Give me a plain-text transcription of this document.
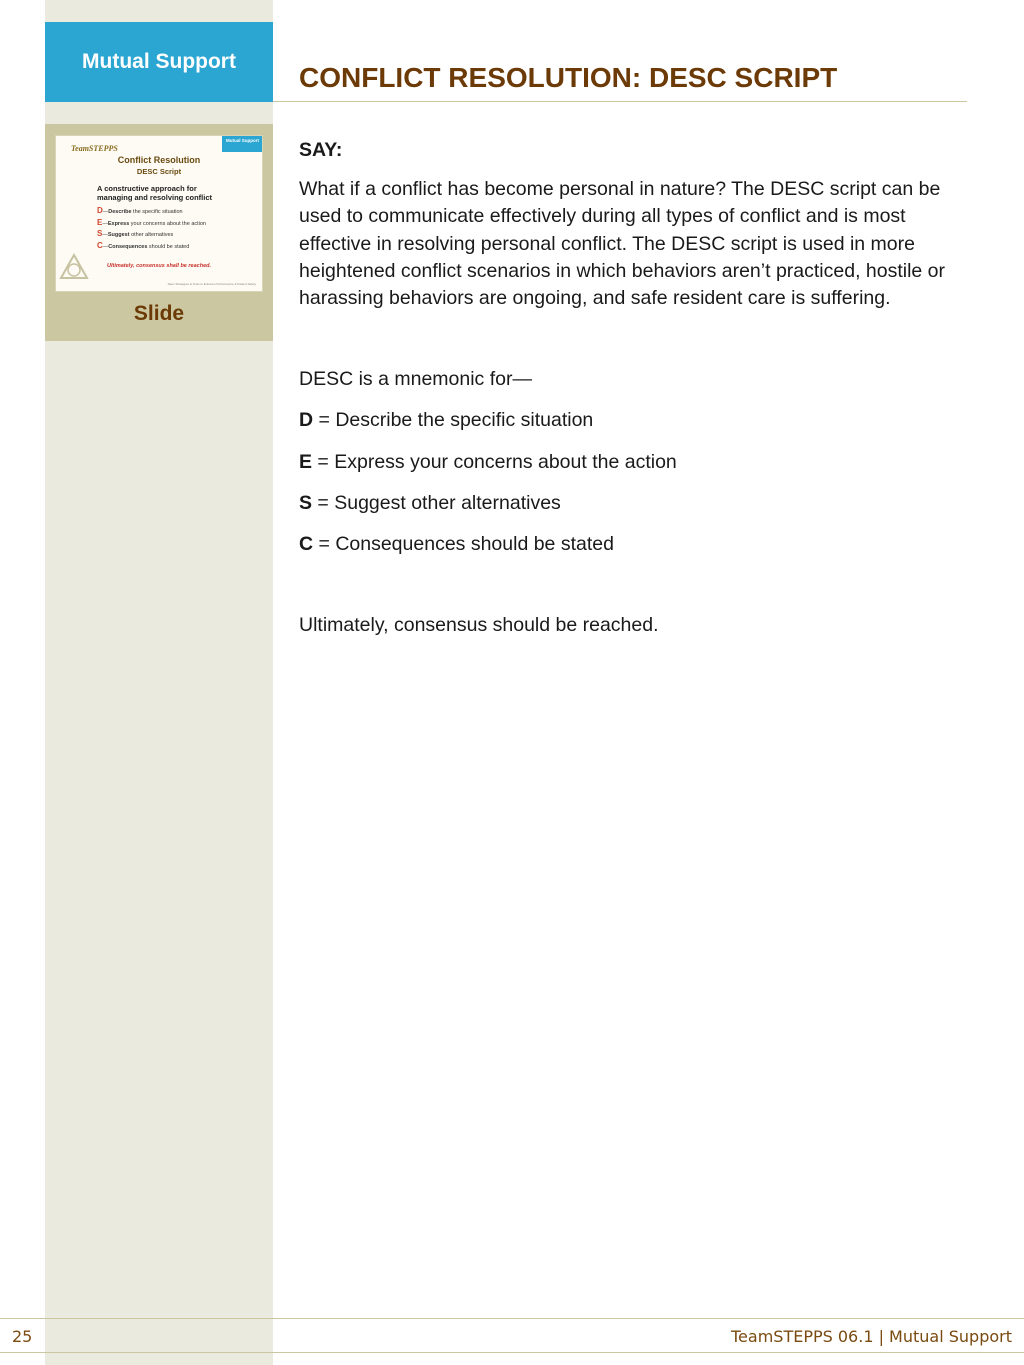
Mutual Support
TeamSTEPPS
Mutual Support
Conflict Resolution
DESC Script
A constructive approach for
managing and resolving conflict
D—Describe the specific situation
E—Express your concerns about the action
S—Suggest other alternatives
C—Consequences should be stated
Ultimately, consensus shall be reached.
Team Strategies & Tools to Enhance Performance & Patient Safety
Slide
CONFLICT RESOLUTION: DESC SCRIPT

SAY:

What if a conflict has become personal in nature? The DESC script can be used to communicate effectively during all types of conflict and is most effective in resolving personal conflict. The DESC script is used in more heightened conflict scenarios in which behaviors aren’t practiced, hostile or harassing behaviors are ongoing, and safe resident care is suffering.

DESC is a mnemonic for—

D = Describe the specific situation

E = Express your concerns about the action

S = Suggest other alternatives

C = Consequences should be stated

Ultimately, consensus should be reached.

25	TeamSTEPPS 06.1 | Mutual Support
